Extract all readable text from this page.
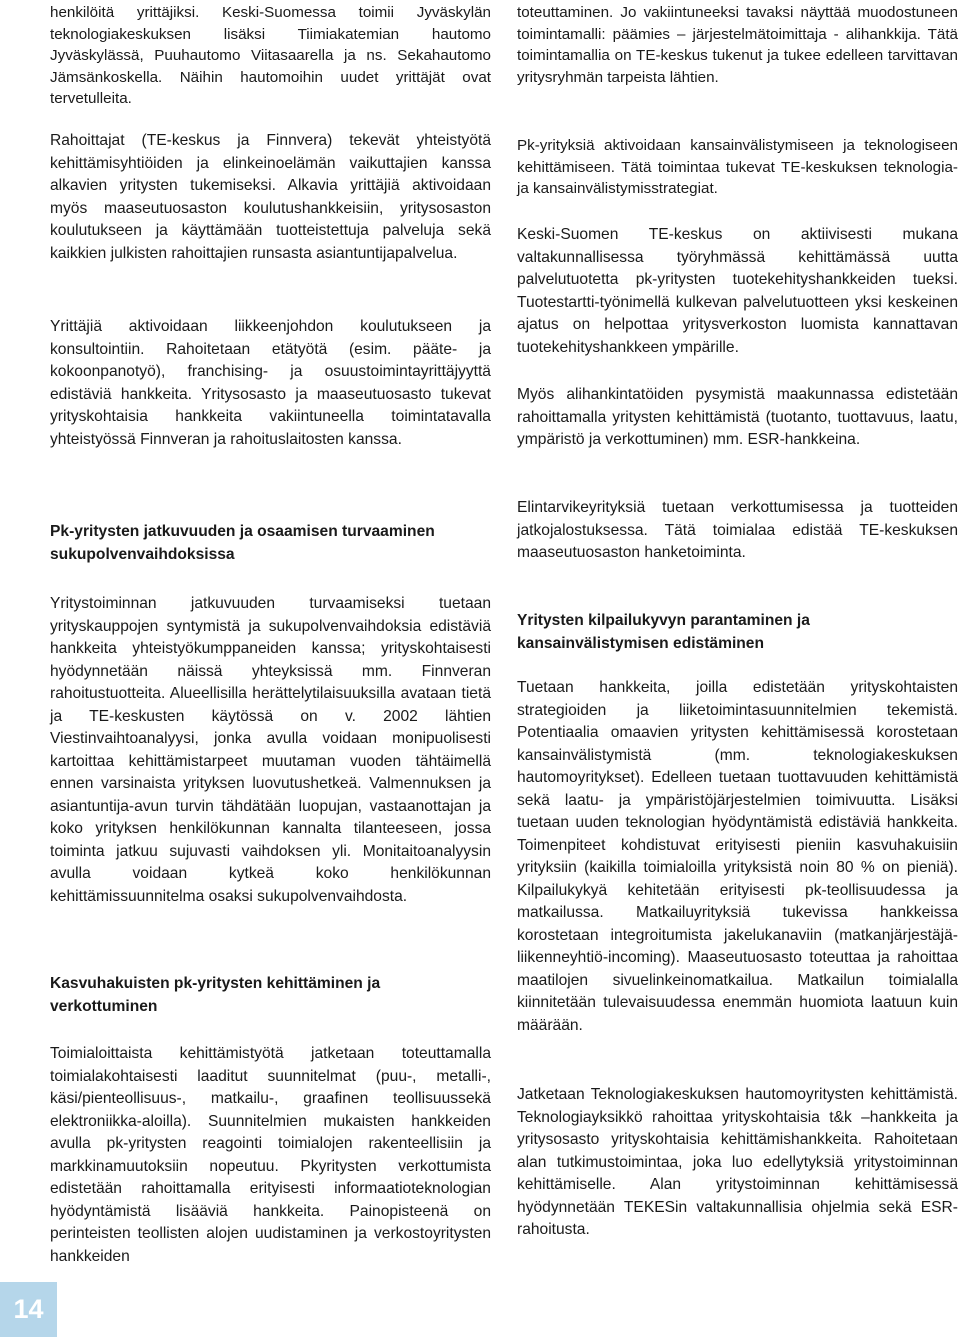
henkilöitä yrittäjiksi. Keski-Suomessa toimii Jyväskylän teknologiakeskuksen lisäksi Tiimiakatemian hautomo Jyväskylässä, Puuhautomo Viitasaarella ja ns. Sekahautomo Jämsänkoskella. Näihin hautomoihin uudet yrittäjät ovat tervetulleita.

Rahoittajat (TE-keskus ja Finnvera) tekevät yhteistyötä kehittämisyhtiöiden ja elinkeinoelämän vaikuttajien kanssa alkavien yritysten tukemiseksi. Alkavia yrittäjiä aktivoidaan myös maaseutuosaston koulutushankkeisiin, yritysosaston koulutukseen ja käyttämään tuotteistettuja palveluja sekä kaikkien julkisten rahoittajien runsasta asiantuntijapalvelua.

Yrittäjiä aktivoidaan liikkeenjohdon koulutukseen ja konsultointiin. Rahoitetaan etätyötä (esim. pääte- ja kokoonpanotyö), franchising- ja osuustoimintayrittäjyyttä edistäviä hankkeita. Yritysosasto ja maaseutuosasto tukevat yrityskohtaisia hankkeita vakiintuneella toimintatavalla yhteistyössä Finnveran ja rahoituslaitosten kanssa.

Pk-yritysten jatkuvuuden ja osaamisen turvaaminen sukupolvenvaihdoksissa

Yritystoiminnan jatkuvuuden turvaamiseksi tuetaan yrityskauppojen syntymistä ja sukupolvenvaihdoksia edistäviä hankkeita yhteistyökumppaneiden kanssa; yrityskohtaisesti hyödynnetään näissä yhteyksissä mm. Finnveran rahoitustuotteita. Alueellisilla herättelytilaisuuksilla avataan tietä ja TE-keskusten käytössä on v. 2002 lähtien Viestinvaihtoanalyysi, jonka avulla voidaan monipuolisesti kartoittaa kehittämistarpeet muutaman vuoden tähtäimellä ennen varsinaista yrityksen luovutushetkeä. Valmennuksen ja asiantuntija-avun turvin tähdätään luopujan, vastaanottajan ja koko yrityksen henkilökunnan kannalta tilanteeseen, jossa toiminta jatkuu sujuvasti vaihdoksen yli. Monitaitoanalyysin avulla voidaan kytkeä koko henkilökunnan kehittämissuunnitelma osaksi sukupolvenvaihdosta.

Kasvuhakuisten pk-yritysten kehittäminen ja verkottuminen

Toimialoittaista kehittämistyötä jatketaan toteuttamalla toimialakohtaisesti laaditut suunnitelmat (puu-, metalli-, käsi/pienteollisuus-, matkailu-, graafinen teollisuussekä elektroniikka-aloilla). Suunnitelmien mukaisten hankkeiden avulla pk-yritysten reagointi toimialojen rakenteellisiin ja markkinamuutoksiin nopeutuu. Pkyritysten verkottumista edistetään rahoittamalla erityisesti informaatioteknologian hyödyntämistä lisääviä hankkeita. Painopisteenä on perinteisten teollisten alojen uudistaminen ja verkostoyritysten hankkeiden

toteuttaminen. Jo vakiintuneeksi tavaksi näyttää muodostuneen toimintamalli: päämies – järjestelmätoimittaja - alihankkija. Tätä toimintamallia on TE-keskus tukenut ja tukee edelleen tarvittavan yritysryhmän tarpeista lähtien.

Pk-yrityksiä aktivoidaan kansainvälistymiseen ja teknologiseen kehittämiseen. Tätä toimintaa tukevat TE-keskuksen teknologia- ja kansainvälistymisstrategiat.

Keski-Suomen TE-keskus on aktiivisesti mukana valtakunnallisessa työryhmässä kehittämässä uutta palvelutuotetta pk-yritysten tuotekehityshankkeiden tueksi. Tuotestartti-työnimellä kulkevan palvelutuotteen yksi keskeinen ajatus on helpottaa yritysverkoston luomista kannattavan tuotekehityshankkeen ympärille.

Myös alihankintatöiden pysymistä maakunnassa edistetään rahoittamalla yritysten kehittämistä (tuotanto, tuottavuus, laatu, ympäristö ja verkottuminen) mm. ESR-hankkeina.

Elintarvikeyrityksiä tuetaan verkottumisessa ja tuotteiden jatkojalostuksessa. Tätä toimialaa edistää TE-keskuksen maaseutuosaston hanketoiminta.

Yritysten kilpailukyvyn parantaminen ja kansainvälistymisen edistäminen

Tuetaan hankkeita, joilla edistetään yrityskohtaisten strategioiden ja liiketoimintasuunnitelmien tekemistä. Potentiaalia omaavien yritysten kehittämisessä korostetaan kansainvälistymistä (mm. teknologiakeskuksen hautomoyritykset). Edelleen tuetaan tuottavuuden kehittämistä sekä laatu- ja ympäristöjärjestelmien toimivuutta. Lisäksi tuetaan uuden teknologian hyödyntämistä edistäviä hankkeita. Toimenpiteet kohdistuvat erityisesti pieniin kasvuhakuisiin yrityksiin (kaikilla toimialoilla yrityksistä noin 80 % on pieniä). Kilpailukykyä kehitetään erityisesti pk-teollisuudessa ja matkailussa. Matkailuyrityksiä tukevissa hankkeissa korostetaan integroitumista jakelukanaviin (matkanjärjestäjä-liikenneyhtiö-incoming). Maaseutuosasto toteuttaa ja rahoittaa maatilojen sivuelinkeinomatkailua. Matkailun toimialalla kiinnitetään tulevaisuudessa enemmän huomiota laatuun kuin määrään.

Jatketaan Teknologiakeskuksen hautomoyritysten kehittämistä. Teknologiayksikkö rahoittaa yrityskohtaisia t&k –hankkeita ja yritysosasto yrityskohtaisia kehittämishankkeita. Rahoitetaan alan tutkimustoimintaa, joka luo edellytyksiä yritystoiminnan kehittämiselle. Alan yritystoiminnan kehittämisessä hyödynnetään TEKESin valtakunnallisia ohjelmia sekä ESR-rahoitusta.

14
